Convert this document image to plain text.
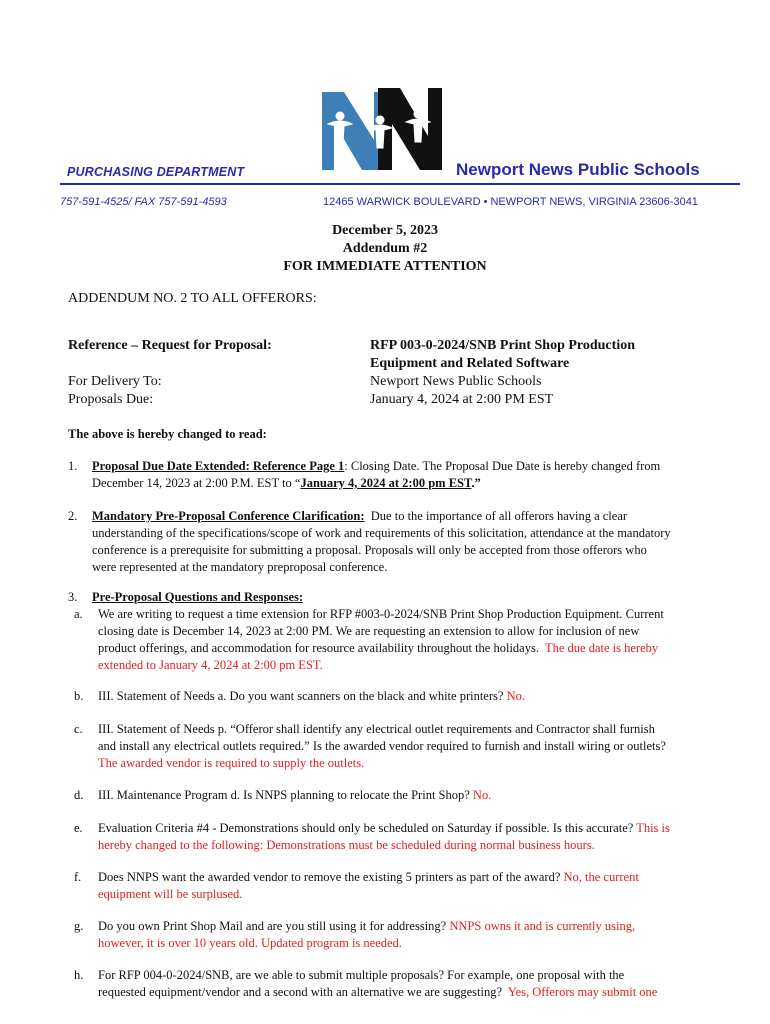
PURCHASING DEPARTMENT	Newport News Public Schools
757-591-4525/ FAX 757-591-4593	12465 WARWICK BOULEVARD • NEWPORT NEWS, VIRGINIA 23606-3041
December 5, 2023
Addendum #2
FOR IMMEDIATE ATTENTION
ADDENDUM NO. 2 TO ALL OFFERORS:
Reference – Request for Proposal:	RFP 003-0-2024/SNB Print Shop Production
Equipment and Related Software
For Delivery To:	Newport News Public Schools
Proposals Due:	January 4, 2024 at 2:00 PM EST
The above is hereby changed to read:
1. Proposal Due Date Extended: Reference Page 1: Closing Date. The Proposal Due Date is hereby changed from
December 14, 2023 at 2:00 P.M. EST to “January 4, 2024 at 2:00 pm EST.”
2. Mandatory Pre-Proposal Conference Clarification:  Due to the importance of all offerors having a clear
understanding of the specifications/scope of work and requirements of this solicitation, attendance at the mandatory
conference is a prerequisite for submitting a proposal. Proposals will only be accepted from those offerors who
were represented at the mandatory preproposal conference.
3. Pre-Proposal Questions and Responses:
a. We are writing to request a time extension for RFP #003-0-2024/SNB Print Shop Production Equipment. Current
closing date is December 14, 2023 at 2:00 PM. We are requesting an extension to allow for inclusion of new
product offerings, and accommodation for resource availability throughout the holidays.  The due date is hereby
extended to January 4, 2024 at 2:00 pm EST.
b. III. Statement of Needs a. Do you want scanners on the black and white printers? No.
c. III. Statement of Needs p. “Offeror shall identify any electrical outlet requirements and Contractor shall furnish
and install any electrical outlets required.” Is the awarded vendor required to furnish and install wiring or outlets?
The awarded vendor is required to supply the outlets.
d. III. Maintenance Program d. Is NNPS planning to relocate the Print Shop? No.
e. Evaluation Criteria #4 - Demonstrations should only be scheduled on Saturday if possible. Is this accurate? This is
hereby changed to the following: Demonstrations must be scheduled during normal business hours.
f. Does NNPS want the awarded vendor to remove the existing 5 printers as part of the award? No, the current
equipment will be surplused.
g. Do you own Print Shop Mail and are you still using it for addressing? NNPS owns it and is currently using,
however, it is over 10 years old. Updated program is needed.
h. For RFP 004-0-2024/SNB, are we able to submit multiple proposals? For example, one proposal with the
requested equipment/vendor and a second with an alternative we are suggesting?  Yes, Offerors may submit one
